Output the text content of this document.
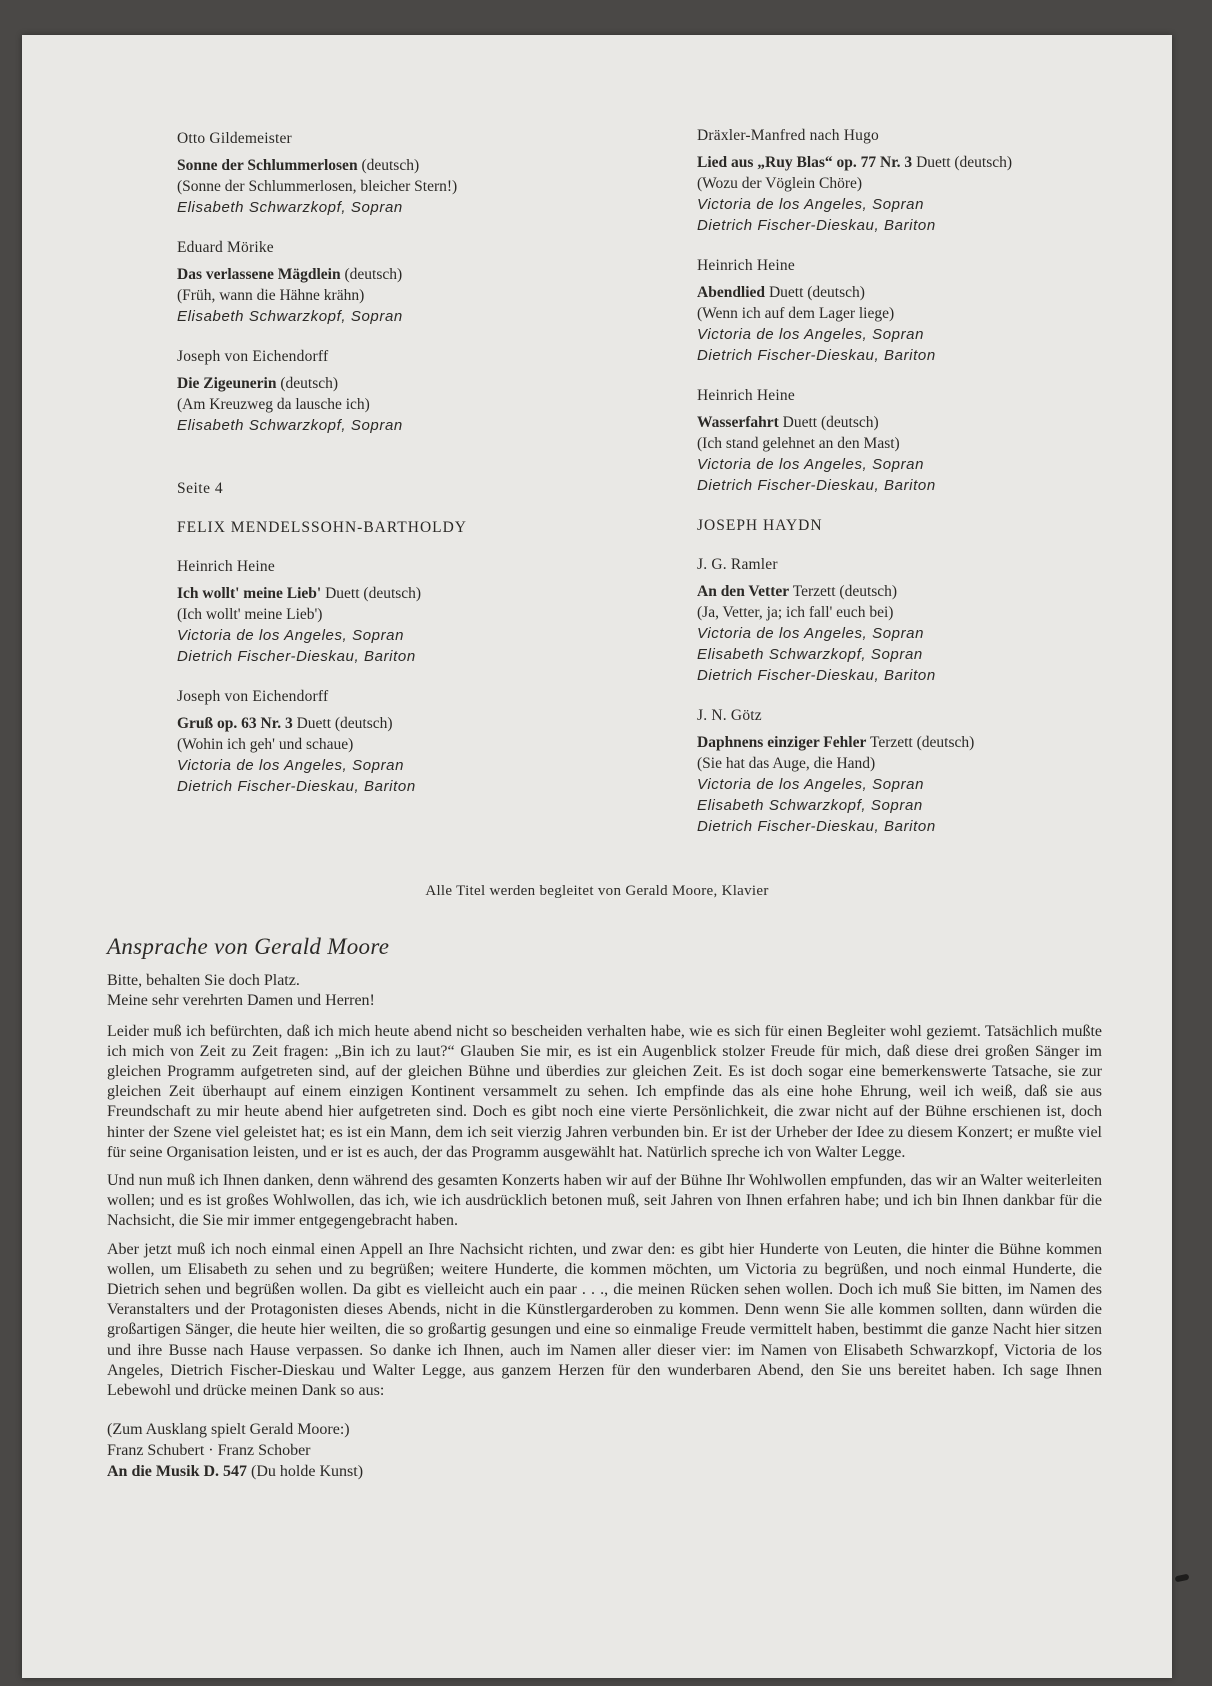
Otto Gildemeister
Sonne der Schlummerlosen (deutsch)
(Sonne der Schlummerlosen, bleicher Stern!)
Elisabeth Schwarzkopf, Sopran
Eduard Mörike
Das verlassene Mägdlein (deutsch)
(Früh, wann die Hähne krähn)
Elisabeth Schwarzkopf, Sopran
Joseph von Eichendorff
Die Zigeunerin (deutsch)
(Am Kreuzweg da lausche ich)
Elisabeth Schwarzkopf, Sopran
Seite 4
FELIX MENDELSSOHN-BARTHOLDY
Heinrich Heine
Ich wollt' meine Lieb' Duett (deutsch)
(Ich wollt' meine Lieb')
Victoria de los Angeles, Sopran
Dietrich Fischer-Dieskau, Bariton
Joseph von Eichendorff
Gruß op. 63 Nr. 3 Duett (deutsch)
(Wohin ich geh' und schaue)
Victoria de los Angeles, Sopran
Dietrich Fischer-Dieskau, Bariton
Dräxler-Manfred nach Hugo
Lied aus „Ruy Blas“ op. 77 Nr. 3 Duett (deutsch)
(Wozu der Vöglein Chöre)
Victoria de los Angeles, Sopran
Dietrich Fischer-Dieskau, Bariton
Heinrich Heine
Abendlied Duett (deutsch)
(Wenn ich auf dem Lager liege)
Victoria de los Angeles, Sopran
Dietrich Fischer-Dieskau, Bariton
Heinrich Heine
Wasserfahrt Duett (deutsch)
(Ich stand gelehnet an den Mast)
Victoria de los Angeles, Sopran
Dietrich Fischer-Dieskau, Bariton
JOSEPH HAYDN
J. G. Ramler
An den Vetter Terzett (deutsch)
(Ja, Vetter, ja; ich fall' euch bei)
Victoria de los Angeles, Sopran
Elisabeth Schwarzkopf, Sopran
Dietrich Fischer-Dieskau, Bariton
J. N. Götz
Daphnens einziger Fehler Terzett (deutsch)
(Sie hat das Auge, die Hand)
Victoria de los Angeles, Sopran
Elisabeth Schwarzkopf, Sopran
Dietrich Fischer-Dieskau, Bariton
Alle Titel werden begleitet von Gerald Moore, Klavier
Ansprache von Gerald Moore
Bitte, behalten Sie doch Platz.
Meine sehr verehrten Damen und Herren!

Leider muß ich befürchten, daß ich mich heute abend nicht so bescheiden verhalten habe, wie es sich für einen Begleiter wohl geziemt. Tatsächlich mußte ich mich von Zeit zu Zeit fragen: „Bin ich zu laut?“ Glauben Sie mir, es ist ein Augenblick stolzer Freude für mich, daß diese drei großen Sänger im gleichen Programm aufgetreten sind, auf der gleichen Bühne und überdies zur gleichen Zeit. Es ist doch sogar eine bemerkenswerte Tatsache, sie zur gleichen Zeit überhaupt auf einem einzigen Kontinent versammelt zu sehen. Ich empfinde das als eine hohe Ehrung, weil ich weiß, daß sie aus Freundschaft zu mir heute abend hier aufgetreten sind. Doch es gibt noch eine vierte Persönlichkeit, die zwar nicht auf der Bühne erschienen ist, doch hinter der Szene viel geleistet hat; es ist ein Mann, dem ich seit vierzig Jahren verbunden bin. Er ist der Urheber der Idee zu diesem Konzert; er mußte viel für seine Organisation leisten, und er ist es auch, der das Programm ausgewählt hat. Natürlich spreche ich von Walter Legge.

Und nun muß ich Ihnen danken, denn während des gesamten Konzerts haben wir auf der Bühne Ihr Wohlwollen empfunden, das wir an Walter weiterleiten wollen; und es ist großes Wohlwollen, das ich, wie ich ausdrücklich betonen muß, seit Jahren von Ihnen erfahren habe; und ich bin Ihnen dankbar für die Nachsicht, die Sie mir immer entgegengebracht haben.

Aber jetzt muß ich noch einmal einen Appell an Ihre Nachsicht richten, und zwar den: es gibt hier Hunderte von Leuten, die hinter die Bühne kommen wollen, um Elisabeth zu sehen und zu begrüßen; weitere Hunderte, die kommen möchten, um Victoria zu begrüßen, und noch einmal Hunderte, die Dietrich sehen und begrüßen wollen. Da gibt es vielleicht auch ein paar . . ., die meinen Rücken sehen wollen. Doch ich muß Sie bitten, im Namen des Veranstalters und der Protagonisten dieses Abends, nicht in die Künstlergarderoben zu kommen. Denn wenn Sie alle kommen sollten, dann würden die großartigen Sänger, die heute hier weilten, die so großartig gesungen und eine so einmalige Freude vermittelt haben, bestimmt die ganze Nacht hier sitzen und ihre Busse nach Hause verpassen. So danke ich Ihnen, auch im Namen aller dieser vier: im Namen von Elisabeth Schwarzkopf, Victoria de los Angeles, Dietrich Fischer-Dieskau und Walter Legge, aus ganzem Herzen für den wunderbaren Abend, den Sie uns bereitet haben. Ich sage Ihnen Lebewohl und drücke meinen Dank so aus:

(Zum Ausklang spielt Gerald Moore:)
Franz Schubert · Franz Schober
An die Musik D. 547 (Du holde Kunst)
